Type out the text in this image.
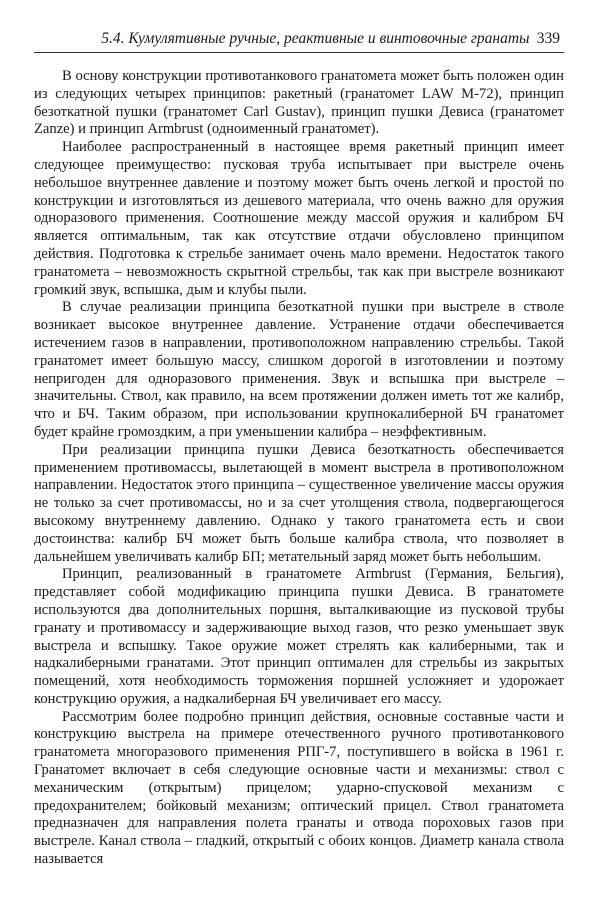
5.4. Кумулятивные ручные, реактивные и винтовочные гранаты 339

В основу конструкции противотанкового гранатомета может быть положен один из следующих четырех принципов: ракетный (гранатомет LAW M-72), принцип безоткатной пушки (гранатомет Carl Gustav), принцип пушки Девиса (гранатомет Zanze) и принцип Armbrust (одноименный гранатомет).

Наиболее распространенный в настоящее время ракетный принцип имеет следующее преимущество: пусковая труба испытывает при выстреле очень небольшое внутреннее давление и поэтому может быть очень легкой и простой по конструкции и изготовляться из дешевого материала, что очень важно для оружия одноразового применения. Соотношение между массой оружия и калибром БЧ является оптимальным, так как отсутствие отдачи обусловлено принципом действия. Подготовка к стрельбе занимает очень мало времени. Недостаток такого гранатомета – невозможность скрытной стрельбы, так как при выстреле возникают громкий звук, вспышка, дым и клубы пыли.

В случае реализации принципа безоткатной пушки при выстреле в стволе возникает высокое внутреннее давление. Устранение отдачи обеспечивается истечением газов в направлении, противоположном направлению стрельбы. Такой гранатомет имеет большую массу, слишком дорогой в изготовлении и поэтому непригоден для одноразового применения. Звук и вспышка при выстреле – значительны. Ствол, как правило, на всем протяжении должен иметь тот же калибр, что и БЧ. Таким образом, при использовании крупнокалиберной БЧ гранатомет будет крайне громоздким, а при уменьшении калибра – неэффективным.

При реализации принципа пушки Девиса безоткатность обеспечивается применением противомассы, вылетающей в момент выстрела в противоположном направлении. Недостаток этого принципа – существенное увеличение массы оружия не только за счет противомассы, но и за счет утолщения ствола, подвергающегося высокому внутреннему давлению. Однако у такого гранатомета есть и свои достоинства: калибр БЧ может быть больше калибра ствола, что позволяет в дальнейшем увеличивать калибр БП; метательный заряд может быть небольшим.

Принцип, реализованный в гранатомете Armbrust (Германия, Бельгия), представляет собой модификацию принципа пушки Девиса. В гранатомете используются два дополнительных поршня, выталкивающие из пусковой трубы гранату и противомассу и задерживающие выход газов, что резко уменьшает звук выстрела и вспышку. Такое оружие может стрелять как калиберными, так и надкалиберными гранатами. Этот принцип оптимален для стрельбы из закрытых помещений, хотя необходимость торможения поршней усложняет и удорожает конструкцию оружия, а надкалиберная БЧ увеличивает его массу.

Рассмотрим более подробно принцип действия, основные составные части и конструкцию выстрела на примере отечественного ручного противотанкового гранатомета многоразового применения РПГ-7, поступившего в войска в 1961 г. Гранатомет включает в себя следующие основные части и механизмы: ствол с механическим (открытым) прицелом; ударно-спусковой механизм с предохранителем; бойковый механизм; оптический прицел. Ствол гранатомета предназначен для направления полета гранаты и отвода пороховых газов при выстреле. Канал ствола – гладкий, открытый с обоих концов. Диаметр канала ствола называется
